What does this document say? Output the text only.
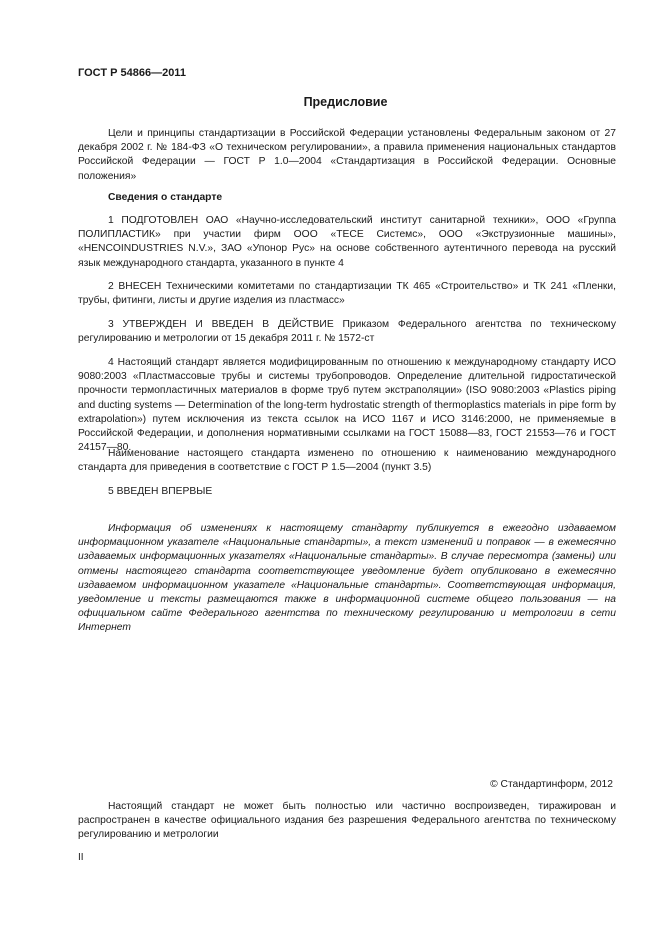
ГОСТ Р 54866—2011
Предисловие

Цели и принципы стандартизации в Российской Федерации установлены Федеральным законом от 27 декабря 2002 г. № 184-ФЗ «О техническом регулировании», а правила применения национальных стандартов Российской Федерации — ГОСТ Р 1.0—2004 «Стандартизация в Российской Федерации. Основные положения»

Сведения о стандарте

1 ПОДГОТОВЛЕН ОАО «Научно-исследовательский институт санитарной техники», ООО «Группа ПОЛИПЛАСТИК» при участии фирм ООО «ТЕСЕ Системс», ООО «Экструзионные машины», «HENCOINDUSTRIES N.V.», ЗАО «Упонор Рус» на основе собственного аутентичного перевода на русский язык международного стандарта, указанного в пункте 4

2 ВНЕСЕН Техническими комитетами по стандартизации ТК 465 «Строительство» и ТК 241 «Пленки, трубы, фитинги, листы и другие изделия из пластмасс»

3 УТВЕРЖДЕН И ВВЕДЕН В ДЕЙСТВИЕ Приказом Федерального агентства по техническому регулированию и метрологии от 15 декабря 2011 г. № 1572-ст

4 Настоящий стандарт является модифицированным по отношению к международному стандарту ИСО 9080:2003 «Пластмассовые трубы и системы трубопроводов. Определение длительной гидростатической прочности термопластичных материалов в форме труб путем экстраполяции» (ISO 9080:2003 «Plastics piping and ducting systems — Determination of the long-term hydrostatic strength of thermoplastics materials in pipe form by extrapolation») путем исключения из текста ссылок на ИСО 1167 и ИСО 3146:2000, не применяемые в Российской Федерации, и дополнения нормативными ссылками на ГОСТ 15088—83, ГОСТ 21553—76 и ГОСТ 24157—80.

Наименование настоящего стандарта изменено по отношению к наименованию международного стандарта для приведения в соответствие с ГОСТ Р 1.5—2004 (пункт 3.5)

5 ВВЕДЕН ВПЕРВЫЕ

Информация об изменениях к настоящему стандарту публикуется в ежегодно издаваемом информационном указателе «Национальные стандарты», а текст изменений и поправок — в ежемесячно издаваемых информационных указателях «Национальные стандарты». В случае пересмотра (замены) или отмены настоящего стандарта соответствующее уведомление будет опубликовано в ежемесячно издаваемом информационном указателе «Национальные стандарты». Соответствующая информация, уведомление и тексты размещаются также в информационной системе общего пользования — на официальном сайте Федерального агентства по техническому регулированию и метрологии в сети Интернет

© Стандартинформ, 2012

Настоящий стандарт не может быть полностью или частично воспроизведен, тиражирован и распространен в качестве официального издания без разрешения Федерального агентства по техническому регулированию и метрологии

II
